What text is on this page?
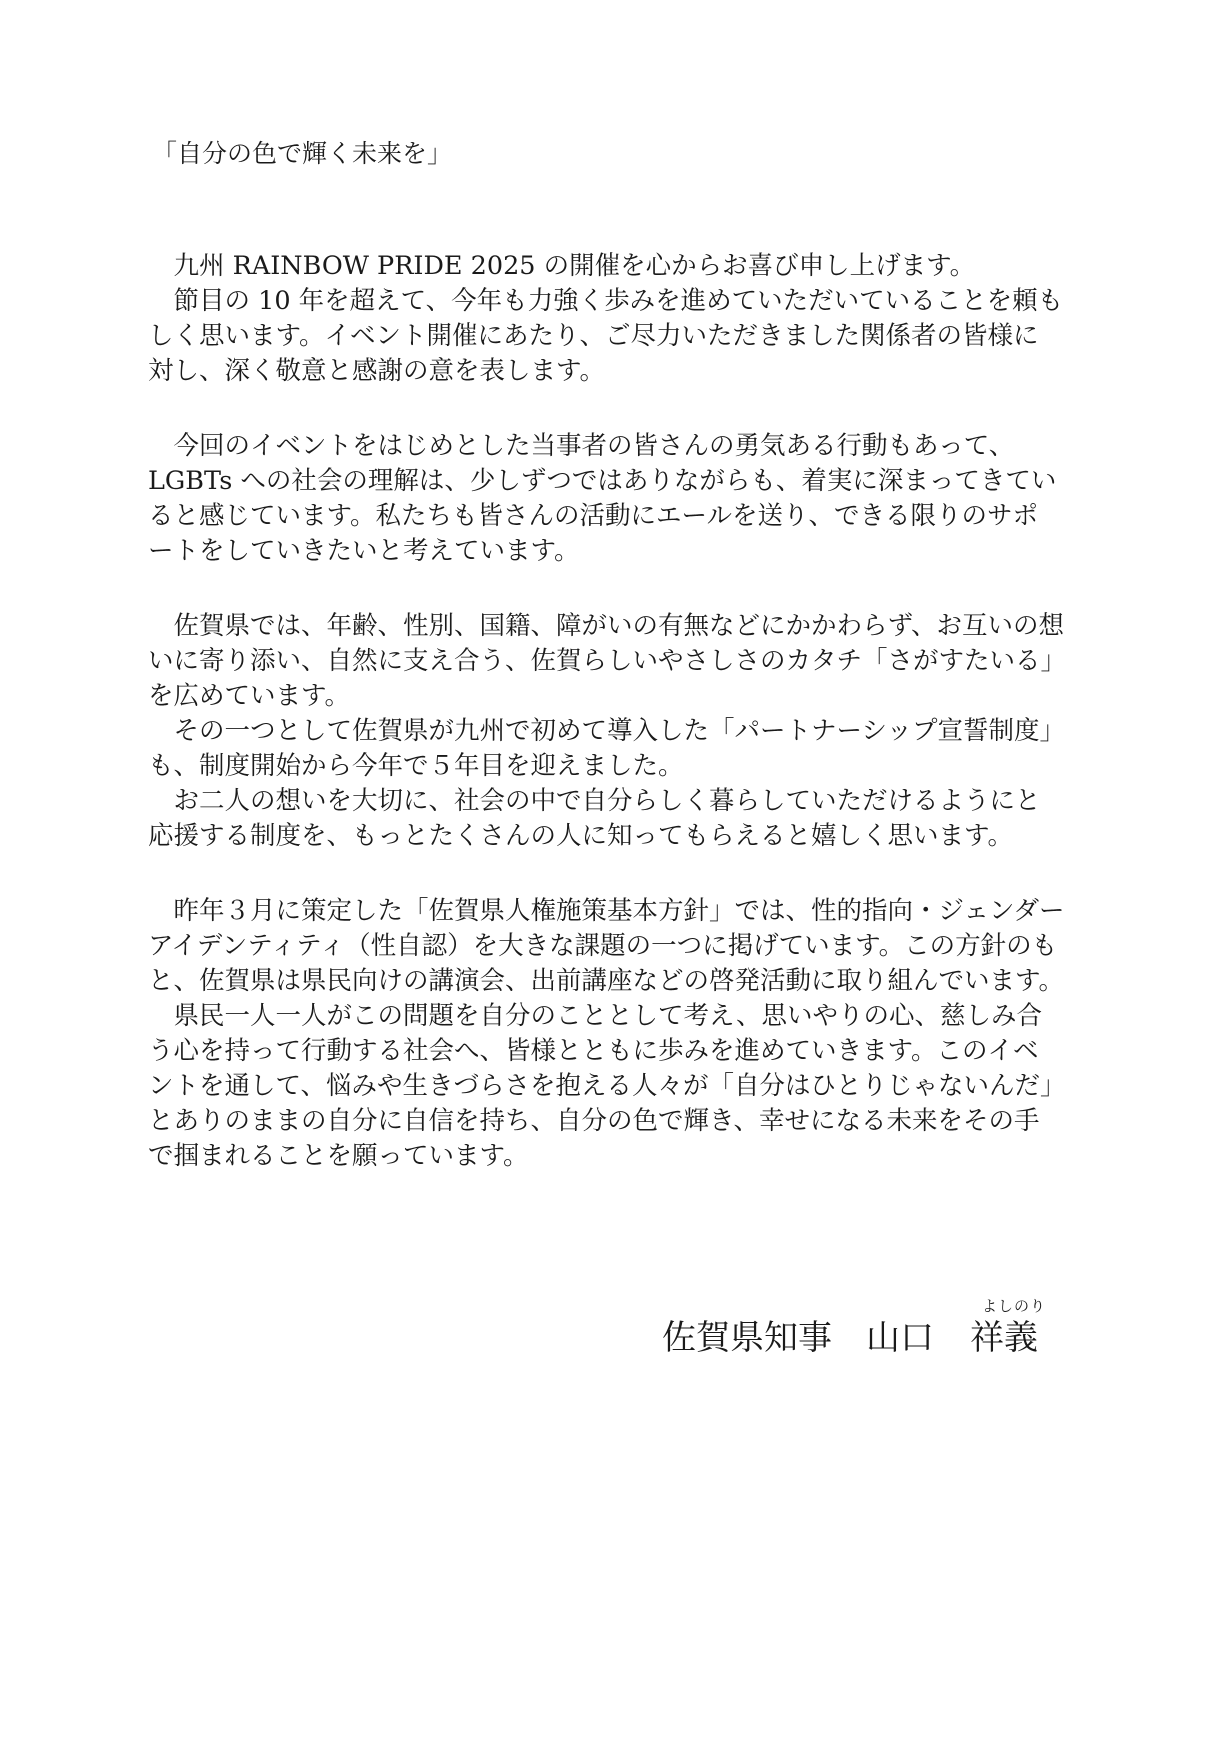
「自分の色で輝く未来を」

　九州 RAINBOW PRIDE 2025 の開催を心からお喜び申し上げます。

　節目の 10 年を超えて、今年も力強く歩みを進めていただいていることを頼も

しく思います。イベント開催にあたり、ご尽力いただきました関係者の皆様に

対し、深く敬意と感謝の意を表します。

　今回のイベントをはじめとした当事者の皆さんの勇気ある行動もあって、

LGBTs への社会の理解は、少しずつではありながらも、着実に深まってきてい

ると感じています。私たちも皆さんの活動にエールを送り、できる限りのサポ

ートをしていきたいと考えています。

　佐賀県では、年齢、性別、国籍、障がいの有無などにかかわらず、お互いの想

いに寄り添い、自然に支え合う、佐賀らしいやさしさのカタチ「さがすたいる」

を広めています。

　その一つとして佐賀県が九州で初めて導入した「パートナーシップ宣誓制度」

も、制度開始から今年で５年目を迎えました。

　お二人の想いを大切に、社会の中で自分らしく暮らしていただけるようにと

応援する制度を、もっとたくさんの人に知ってもらえると嬉しく思います。

　昨年３月に策定した「佐賀県人権施策基本方針」では、性的指向・ジェンダー

アイデンティティ（性自認）を大きな課題の一つに掲げています。この方針のも

と、佐賀県は県民向けの講演会、出前講座などの啓発活動に取り組んでいます。

　県民一人一人がこの問題を自分のこととして考え、思いやりの心、慈しみ合

う心を持って行動する社会へ、皆様とともに歩みを進めていきます。このイベ

ントを通して、悩みや生きづらさを抱える人々が「自分はひとりじゃないんだ」

とありのままの自分に自信を持ち、自分の色で輝き、幸せになる未来をその手

で掴まれることを願っています。

よしのり
佐賀県知事 山口 祥義
